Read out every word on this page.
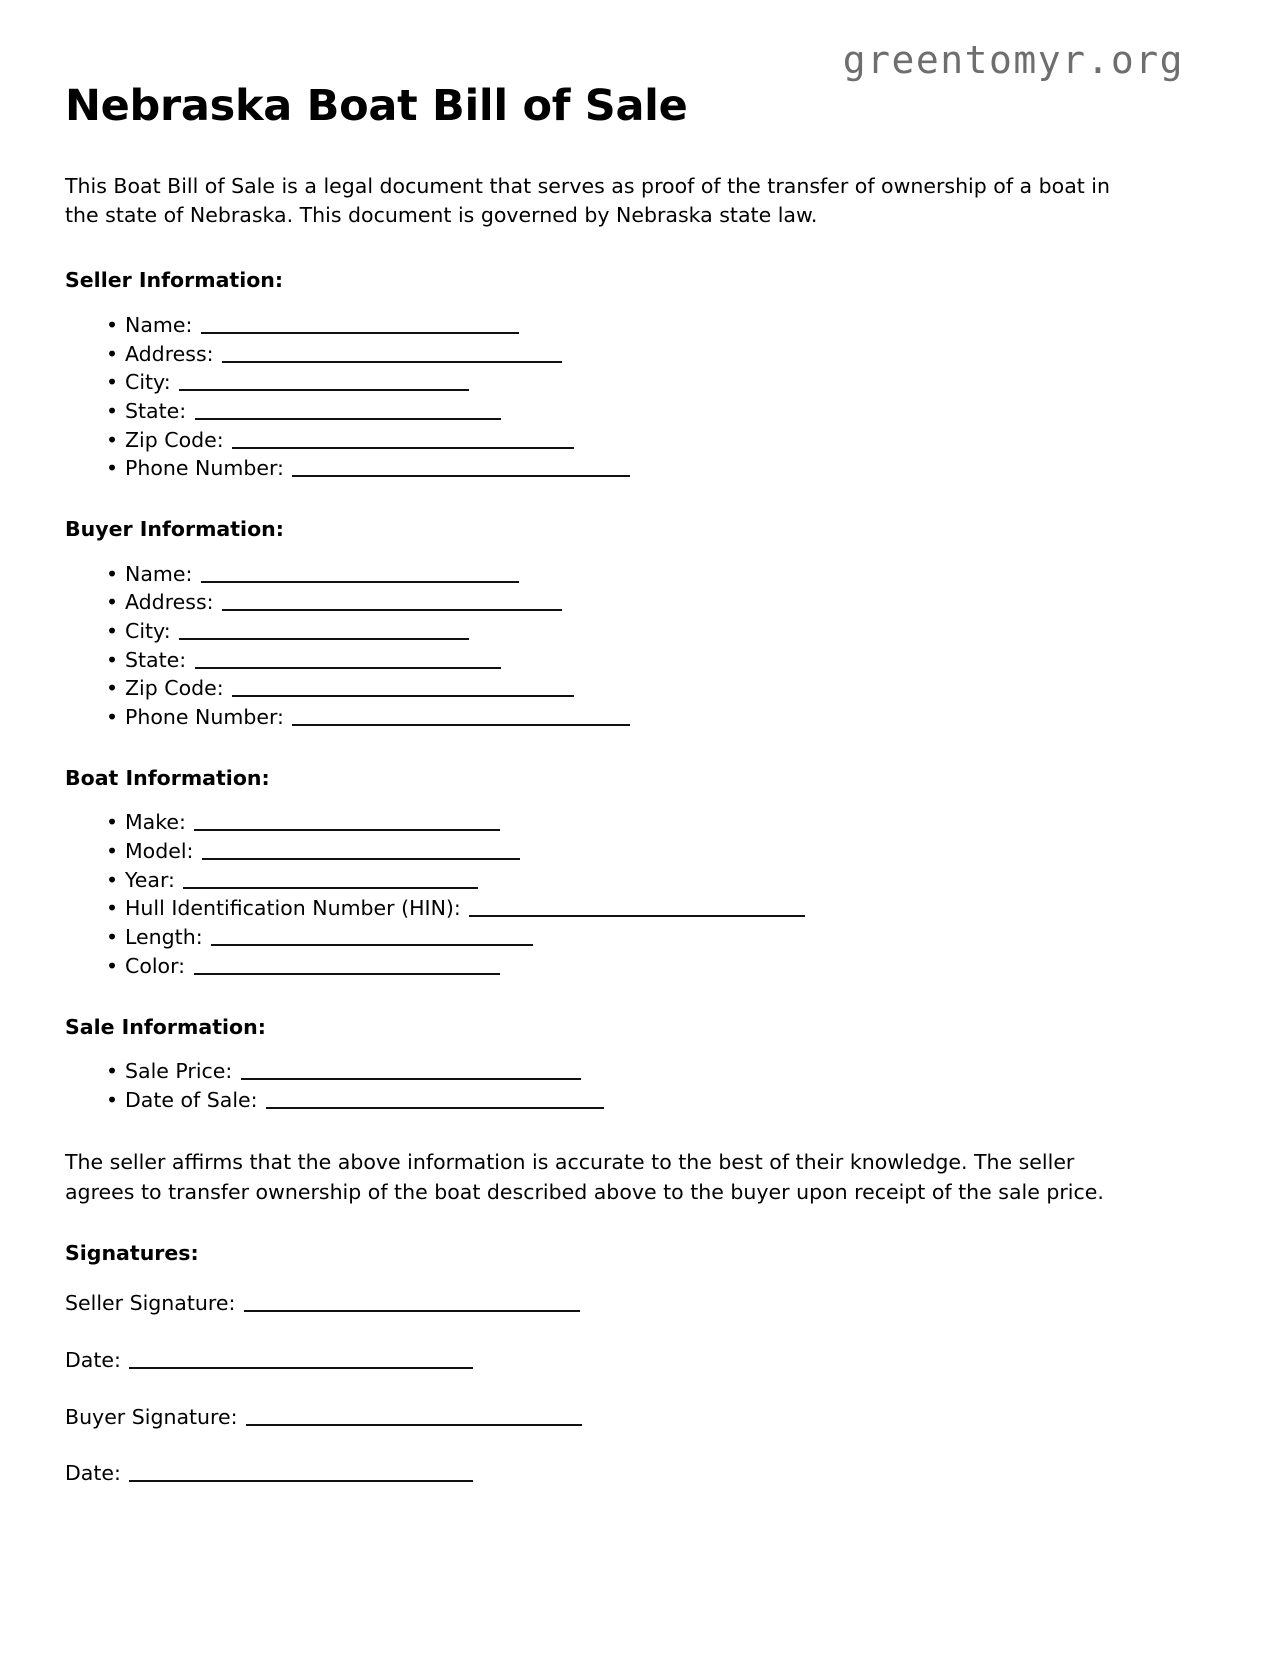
greentomyr.org
Nebraska Boat Bill of Sale

This Boat Bill of Sale is a legal document that serves as proof of the transfer of ownership of a boat in the state of Nebraska. This document is governed by Nebraska state law.

Seller Information:
• Name:
• Address:
• City:
• State:
• Zip Code:
• Phone Number:
Buyer Information:
• Name:
• Address:
• City:
• State:
• Zip Code:
• Phone Number:
Boat Information:
• Make:
• Model:
• Year:
• Hull Identification Number (HIN):
• Length:
• Color:
Sale Information:
• Sale Price:
• Date of Sale:

The seller affirms that the above information is accurate to the best of their knowledge. The seller agrees to transfer ownership of the boat described above to the buyer upon receipt of the sale price.

Signatures:
Seller Signature:
Date:
Buyer Signature:
Date:
